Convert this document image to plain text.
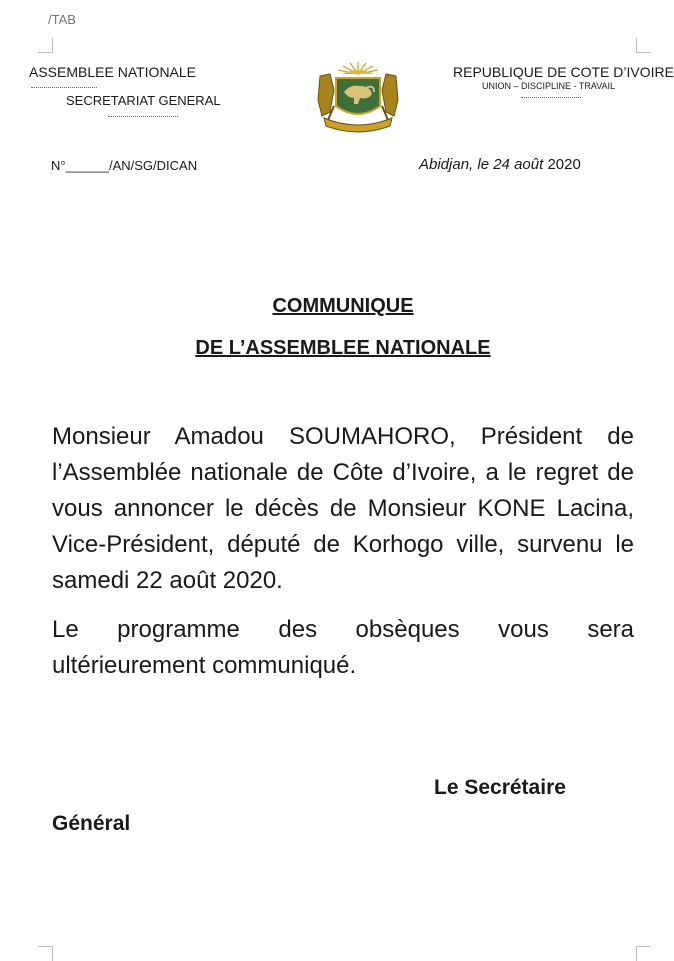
/TAB
ASSEMBLEE NATIONALE
SECRETARIAT GENERAL
REPUBLIQUE DE COTE D’IVOIRE
UNION – DISCIPLINE - TRAVAIL
N°______/AN/SG/DICAN	Abidjan, le 24 août 2020
COMMUNIQUE
DE L’ASSEMBLEE NATIONALE

Monsieur Amadou SOUMAHORO, Président de l’Assemblée nationale de Côte d’Ivoire, a le regret de vous annoncer le décès de Monsieur KONE Lacina, Vice-Président, député de Korhogo ville, survenu le samedi 22 août 2020.

Le programme des obsèques vous sera ultérieurement communiqué.

Le Secrétaire
Général
